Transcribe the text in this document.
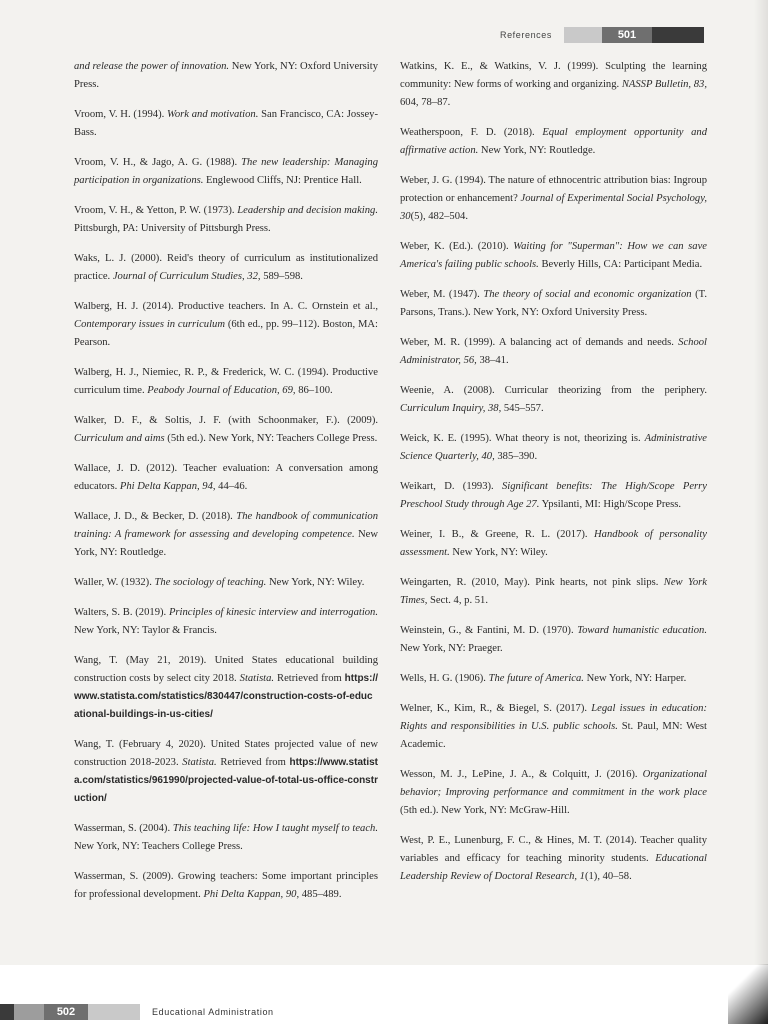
References	501

and release the power of innovation. New York, NY: Oxford University Press.

Vroom, V. H. (1994). Work and motivation. San Francisco, CA: Jossey-Bass.

Vroom, V. H., & Jago, A. G. (1988). The new leadership: Managing participation in organizations. Englewood Cliffs, NJ: Prentice Hall.

Vroom, V. H., & Yetton, P. W. (1973). Leadership and decision making. Pittsburgh, PA: University of Pittsburgh Press.

Waks, L. J. (2000). Reid's theory of curriculum as institutionalized practice. Journal of Curriculum Studies, 32, 589–598.

Walberg, H. J. (2014). Productive teachers. In A. C. Ornstein et al., Contemporary issues in curriculum (6th ed., pp. 99–112). Boston, MA: Pearson.

Walberg, H. J., Niemiec, R. P., & Frederick, W. C. (1994). Productive curriculum time. Peabody Journal of Education, 69, 86–100.

Walker, D. F., & Soltis, J. F. (with Schoonmaker, F.). (2009). Curriculum and aims (5th ed.). New York, NY: Teachers College Press.

Wallace, J. D. (2012). Teacher evaluation: A conversation among educators. Phi Delta Kappan, 94, 44–46.

Wallace, J. D., & Becker, D. (2018). The handbook of communication training: A framework for assessing and developing competence. New York, NY: Routledge.

Waller, W. (1932). The sociology of teaching. New York, NY: Wiley.

Walters, S. B. (2019). Principles of kinesic interview and interrogation. New York, NY: Taylor & Francis.

Wang, T. (May 21, 2019). United States educational building construction costs by select city 2018. Statista. Retrieved from https://www.statista.com/statistics/830447/construction-costs-of-educational-buildings-in-us-cities/

Wang, T. (February 4, 2020). United States projected value of new construction 2018-2023. Statista. Retrieved from https://www.statista.com/statistics/961990/projected-value-of-total-us-office-construction/

Wasserman, S. (2004). This teaching life: How I taught myself to teach. New York, NY: Teachers College Press.

Wasserman, S. (2009). Growing teachers: Some important principles for professional development. Phi Delta Kappan, 90, 485–489.

Watkins, K. E., & Watkins, V. J. (1999). Sculpting the learning community: New forms of working and organizing. NASSP Bulletin, 83, 604, 78–87.

Weatherspoon, F. D. (2018). Equal employment opportunity and affirmative action. New York, NY: Routledge.

Weber, J. G. (1994). The nature of ethnocentric attribution bias: Ingroup protection or enhancement? Journal of Experimental Social Psychology, 30(5), 482–504.

Weber, K. (Ed.). (2010). Waiting for "Superman": How we can save America's failing public schools. Beverly Hills, CA: Participant Media.

Weber, M. (1947). The theory of social and economic organization (T. Parsons, Trans.). New York, NY: Oxford University Press.

Weber, M. R. (1999). A balancing act of demands and needs. School Administrator, 56, 38–41.

Weenie, A. (2008). Curricular theorizing from the periphery. Curriculum Inquiry, 38, 545–557.

Weick, K. E. (1995). What theory is not, theorizing is. Administrative Science Quarterly, 40, 385–390.

Weikart, D. (1993). Significant benefits: The High/Scope Perry Preschool Study through Age 27. Ypsilanti, MI: High/Scope Press.

Weiner, I. B., & Greene, R. L. (2017). Handbook of personality assessment. New York, NY: Wiley.

Weingarten, R. (2010, May). Pink hearts, not pink slips. New York Times, Sect. 4, p. 51.

Weinstein, G., & Fantini, M. D. (1970). Toward humanistic education. New York, NY: Praeger.

Wells, H. G. (1906). The future of America. New York, NY: Harper.

Welner, K., Kim, R., & Biegel, S. (2017). Legal issues in education: Rights and responsibilities in U.S. public schools. St. Paul, MN: West Academic.

Wesson, M. J., LePine, J. A., & Colquitt, J. (2016). Organizational behavior; Improving performance and commitment in the work place (5th ed.). New York, NY: McGraw-Hill.

West, P. E., Lunenburg, F. C., & Hines, M. T. (2014). Teacher quality variables and efficacy for teaching minority students. Educational Leadership Review of Doctoral Research, 1(1), 40–58.

502	Educational Administration
